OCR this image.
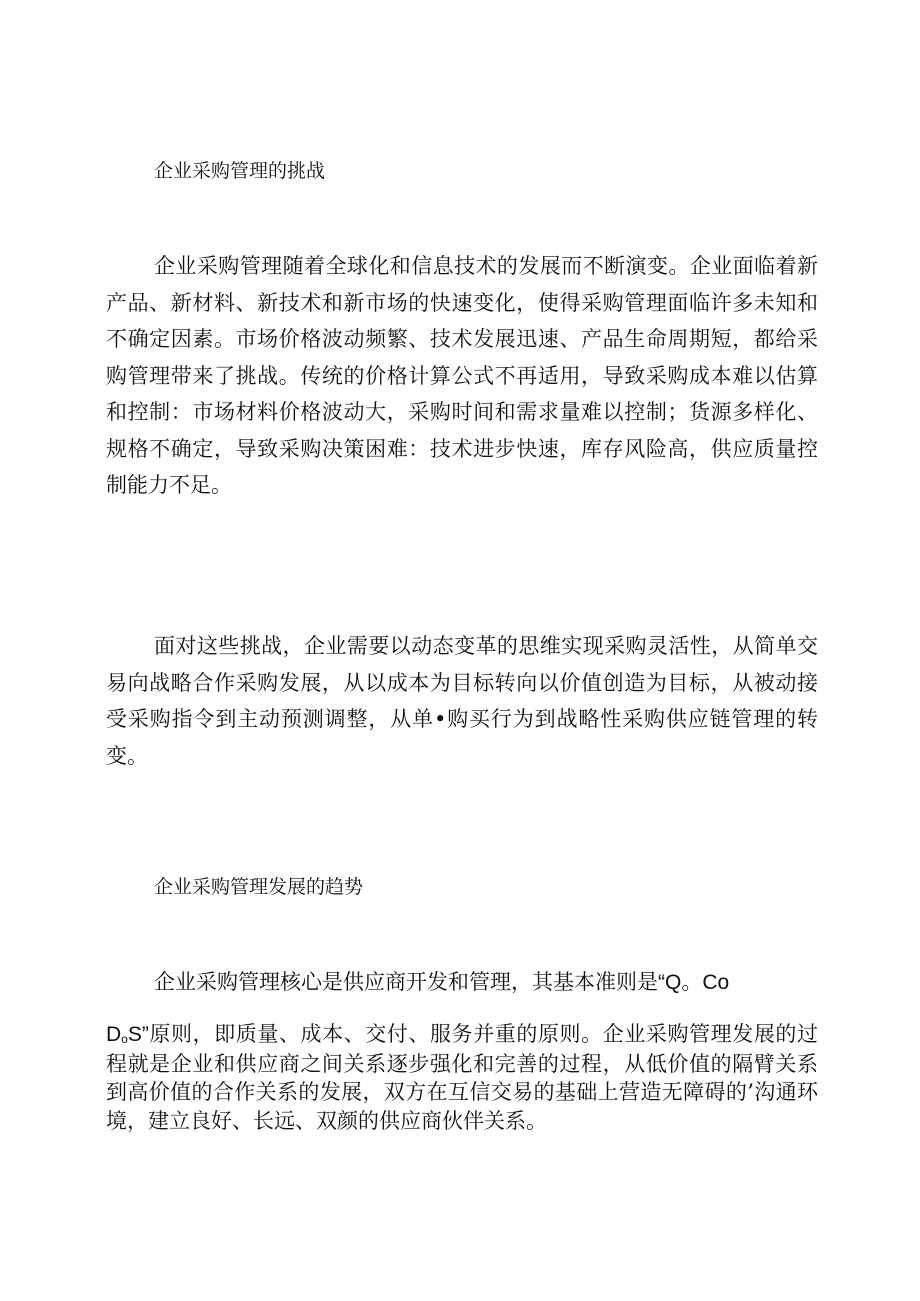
企业采购管理的挑战

企业采购管理随着全球化和信息技术的发展而不断演变。企业面临着新产品、新材料、新技术和新市场的快速变化，使得采购管理面临许多未知和不确定因素。市场价格波动频繁、技术发展迅速、产品生命周期短，都给采购管理带来了挑战。传统的价格计算公式不再适用，导致采购成本难以估算和控制：市场材料价格波动大，采购时间和需求量难以控制；货源多样化、规格不确定，导致采购决策困难：技术进步快速，库存风险高，供应质量控制能力不足。

面对这些挑战，企业需要以动态变革的思维实现采购灵活性，从简单交易向战略合作采购发展，从以成本为目标转向以价值创造为目标，从被动接受采购指令到主动预测调整，从单•购买行为到战略性采购供应链管理的转变。

企业采购管理发展的趋势
企业采购管理核心是供应商开发和管理，其基本准则是“Q。Co

$D_oS$”原则，即质量、成本、交付、服务并重的原则。企业采购管理发展的过程就是企业和供应商之间关系逐步强化和完善的过程，从低价值的隔臂关系到高价值的合作关系的发展，双方在互信交易的基础上营造无障碍的’沟通环境，建立良好、长远、双颜的供应商伙伴关系。
